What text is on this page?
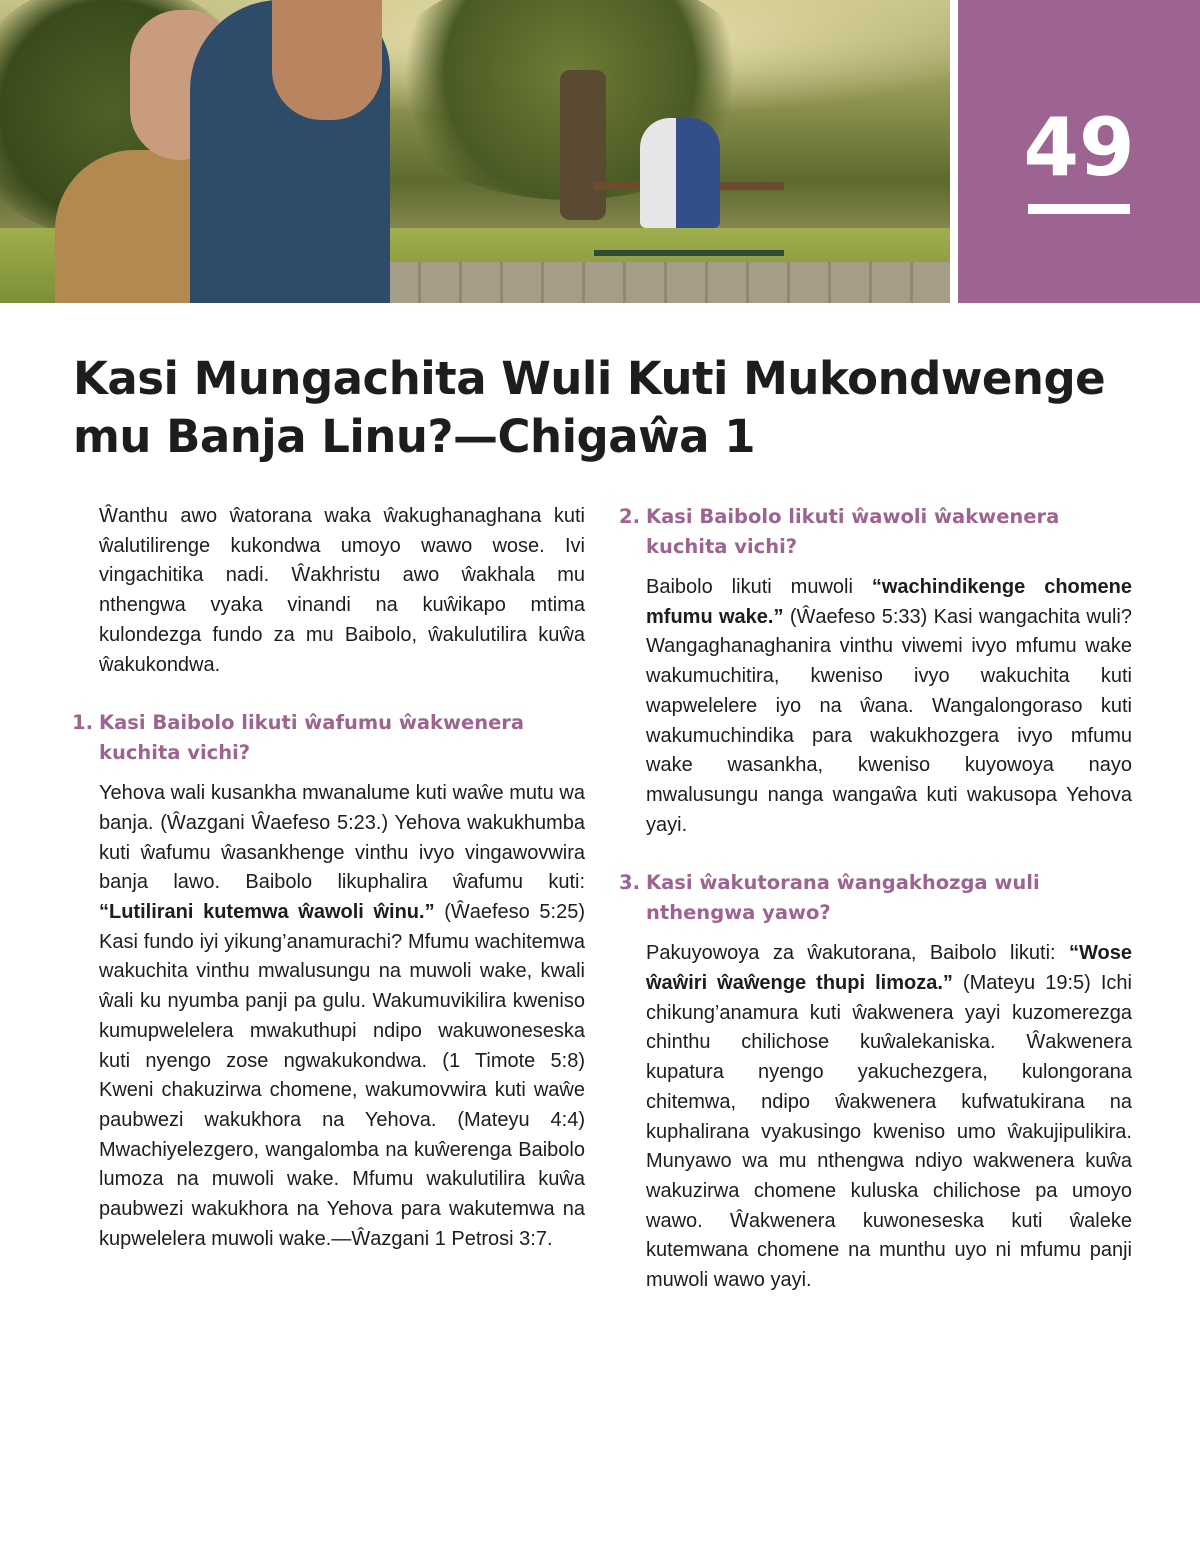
49
Kasi Mungachita Wuli Kuti Mukondwenge
mu Banja Linu?—Chigaŵa 1

Ŵanthu awo ŵatorana waka ŵakughanaghana kuti ŵalutilirenge kukondwa umoyo wawo wose. Ivi vingachitika nadi. Ŵakhristu awo ŵakhala mu nthengwa vyaka vinandi na kuŵikapo mtima kulondezga fundo za mu Baibolo, ŵakulutilira kuŵa ŵakukondwa.

1. Kasi Baibolo likuti ŵafumu ŵakwenera kuchita vichi?

Yehova wali kusankha mwanalume kuti waŵe mutu wa banja. (Ŵazgani Ŵaefeso 5:23.) Yehova wakukhumba kuti ŵafumu ŵasankhenge vinthu ivyo vingawovwira banja lawo. Baibolo likuphalira ŵafumu kuti: “Lutilirani kutemwa ŵawoli ŵinu.” (Ŵaefeso 5:25) Kasi fundo iyi yikung’anamurachi? Mfumu wachitemwa wakuchita vinthu mwalusungu na muwoli wake, kwali ŵali ku nyumba panji pa gulu. Wakumuvikilira kweniso kumupwelelera mwakuthupi ndipo wakuwoneseska kuti nyengo zose ngwakukondwa. (1 Timote 5:8) Kweni chakuzirwa chomene, wakumovwira kuti waŵe paubwezi wakukhora na Yehova. (Mateyu 4:4) Mwachiyelezgero, wangalomba na kuŵerenga Baibolo lumoza na muwoli wake. Mfumu wakulutilira kuŵa paubwezi wakukhora na Yehova para wakutemwa na kupwelelera muwoli wake.—Ŵazgani 1 Petrosi 3:7.

2. Kasi Baibolo likuti ŵawoli ŵakwenera kuchita vichi?

Baibolo likuti muwoli “wachindikenge chomene mfumu wake.” (Ŵaefeso 5:33) Kasi wangachita wuli? Wangaghanaghanira vinthu viwemi ivyo mfumu wake wakumuchitira, kweniso ivyo wakuchita kuti wapwelelere iyo na ŵana. Wangalongoraso kuti wakumuchindika para wakukhozgera ivyo mfumu wake wasankha, kweniso kuyowoya nayo mwalusungu nanga wangaŵa kuti wakusopa Yehova yayi.

3. Kasi ŵakutorana ŵangakhozga wuli nthengwa yawo?

Pakuyowoya za ŵakutorana, Baibolo likuti: “Wose ŵaŵiri ŵaŵenge thupi limoza.” (Mateyu 19:5) Ichi chikung’anamura kuti ŵakwenera yayi kuzomerezga chinthu chilichose kuŵalekaniska. Ŵakwenera kupatura nyengo yakuchezgera, kulongorana chitemwa, ndipo ŵakwenera kufwatukirana na kuphalirana vyakusingo kweniso umo ŵakujipulikira. Munyawo wa mu nthengwa ndiyo wakwenera kuŵa wakuzirwa chomene kuluska chilichose pa umoyo wawo. Ŵakwenera kuwoneseska kuti ŵaleke kutemwana chomene na munthu uyo ni mfumu panji muwoli wawo yayi.
